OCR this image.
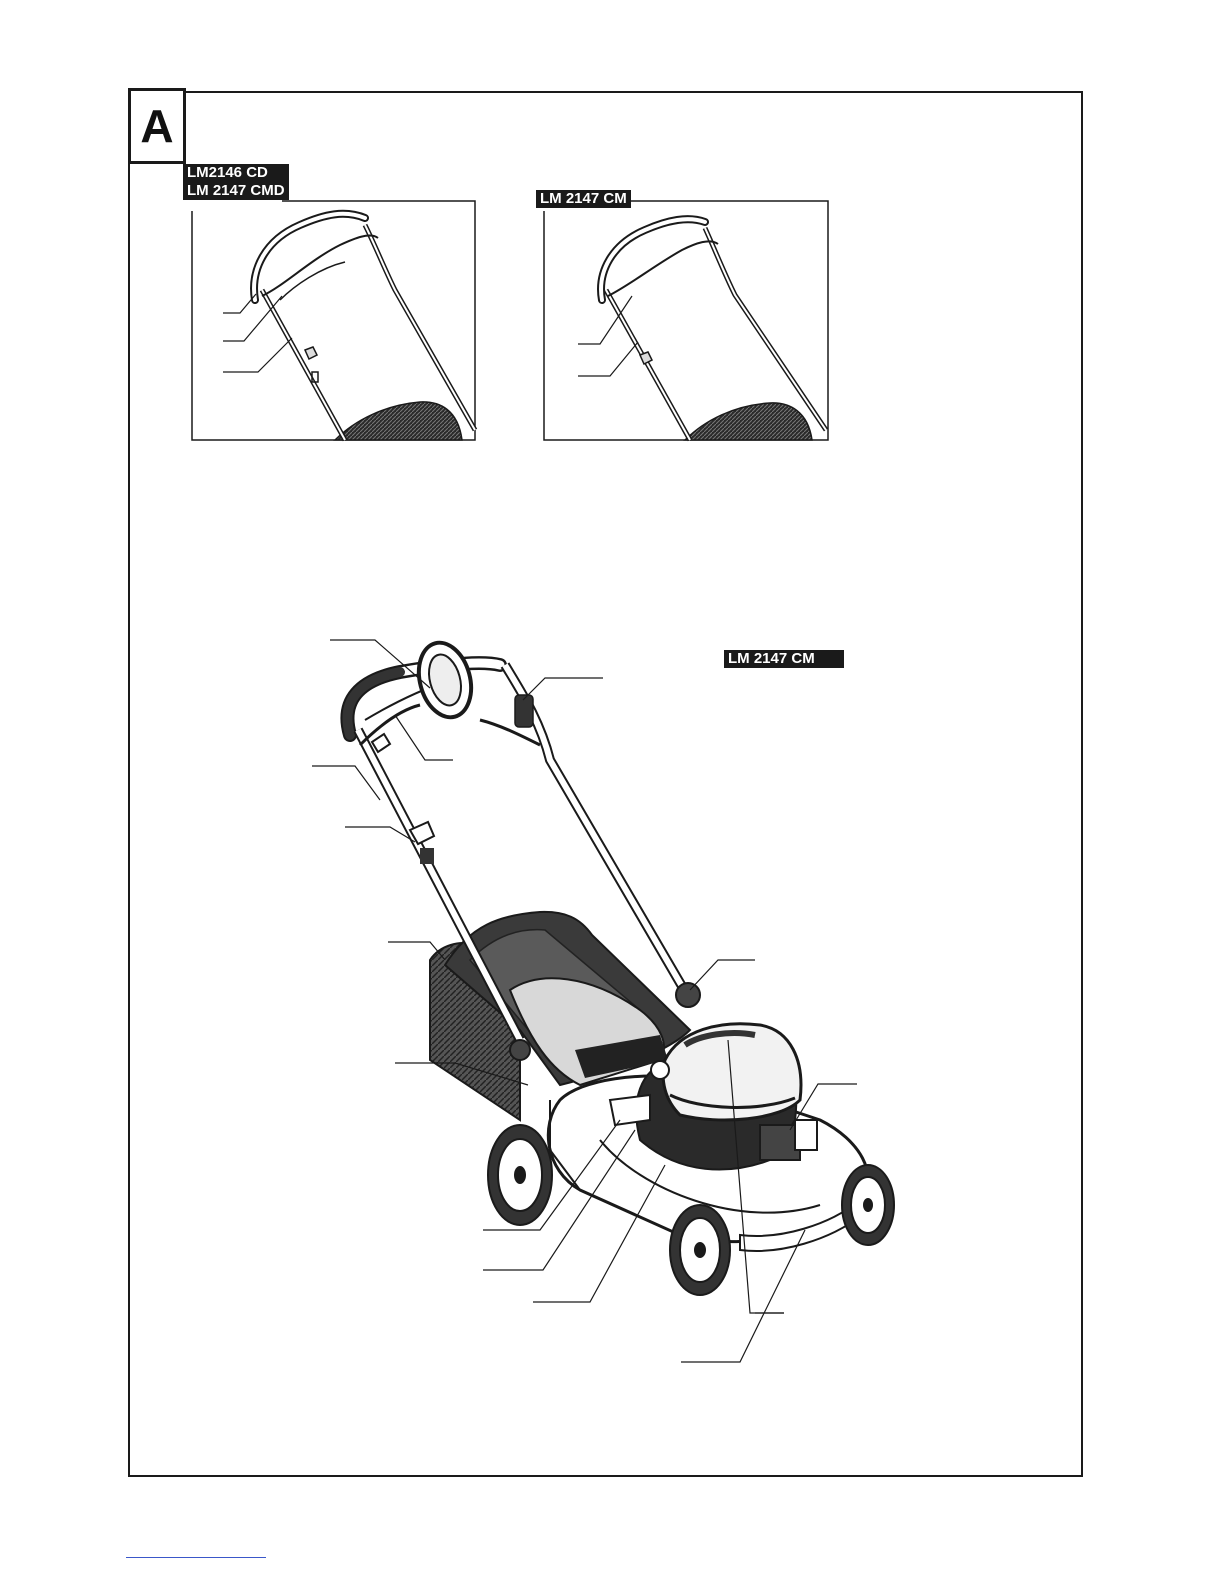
A
LM2146 CD
LM 2147 CMD	LM 2147 CM
LM 2147 CM
